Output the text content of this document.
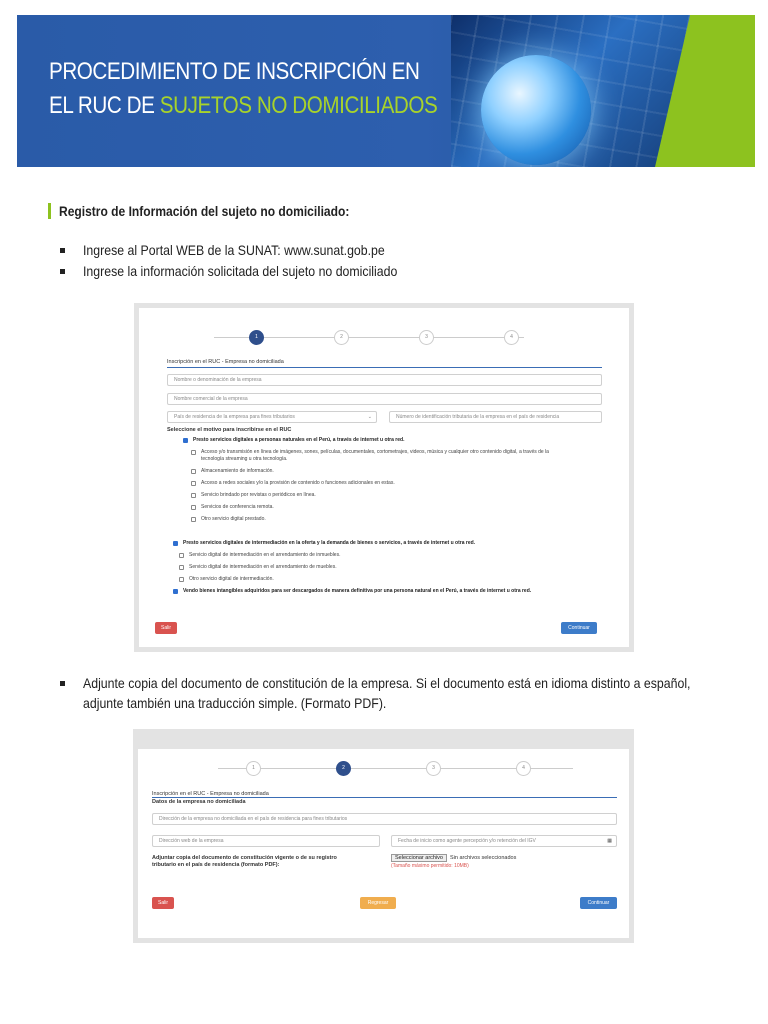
PROCEDIMIENTO DE INSCRIPCIÓN EN
EL RUC DE SUJETOS NO DOMICILIADOS
Registro de Información del sujeto no domiciliado:
Ingrese al Portal WEB de la SUNAT: www.sunat.gob.pe
Ingrese la información solicitada del sujeto no domiciliado
1	2	3	4
Inscripción en el RUC - Empresa no domiciliada
Nombre o denominación de la empresa
Nombre comercial de la empresa
País de residencia de la empresa para fines tributarios	⌄	Número de identificación tributaria de la empresa en el país de residencia
Seleccione el motivo para inscribirse en el RUC
Presto servicios digitales a personas naturales en el Perú, a través de internet u otra red.
Acceso y/o transmisión en línea de imágenes, sones, películas, documentales, cortometrajes, videos, música y cualquier otro contenido digital, a través de la
tecnología streaming u otra tecnología.
Almacenamiento de información.
Acceso a redes sociales y/o la provisión de contenido o funciones adicionales en estas.
Servicio brindado por revistas o periódicos en línea.
Servicios de conferencia remota.
Otro servicio digital prestado.
Presto servicios digitales de intermediación en la oferta y la demanda de bienes o servicios, a través de internet u otra red.
Servicio digital de intermediación en el arrendamiento de inmuebles.
Servicio digital de intermediación en el arrendamiento de muebles.
Otro servicio digital de intermediación.
Vendo bienes intangibles adquiridos para ser descargados de manera definitiva por una persona natural en el Perú, a través de internet u otra red.
Salir	Continuar
Adjunte copia del documento de constitución de la empresa. Si el documento está en idioma distinto a español,
adjunte también una traducción simple. (Formato PDF).
1	2	3	4
Inscripción en el RUC - Empresa no domiciliada
Datos de la empresa no domiciliada
Dirección de la empresa no domiciliada en el país de residencia para fines tributarios
Dirección web de la empresa	Fecha de inicio como agente percepción y/o retención del IGV	▦
Adjuntar copia del documento de constitución vigente o de su registro
tributario en el país de residencia (formato PDF):
Seleccionar archivo Sin archivos seleccionados
(Tamaño máximo permitido: 10MB)
Salir	Regresar	Continuar
